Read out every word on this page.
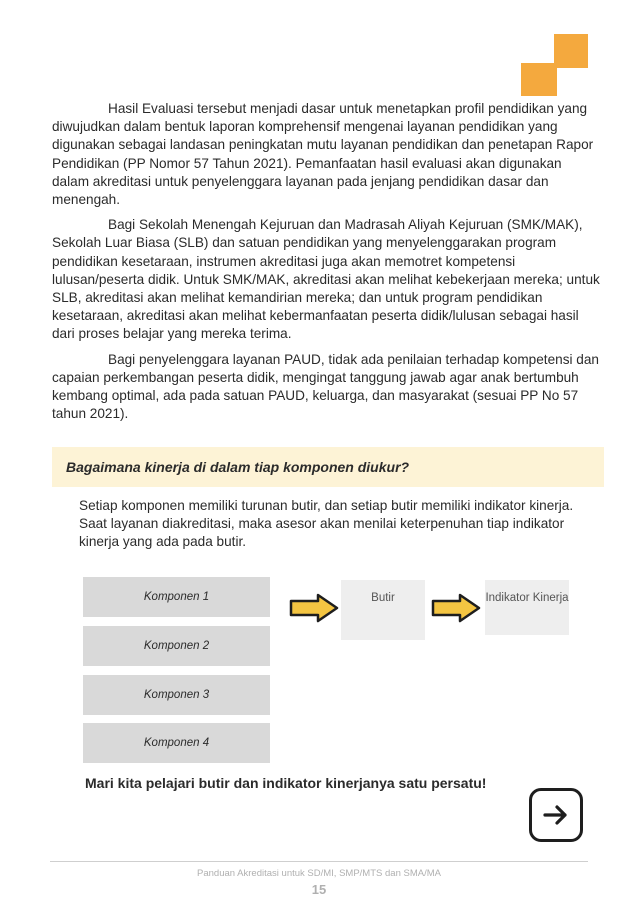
Hasil Evaluasi tersebut menjadi dasar untuk menetapkan profil pendidikan yang diwujudkan dalam bentuk laporan komprehensif mengenai layanan pendidikan yang digunakan sebagai landasan peningkatan mutu layanan pendidikan dan penetapan Rapor Pendidikan (PP Nomor 57 Tahun 2021). Pemanfaatan hasil evaluasi akan digunakan dalam akreditasi untuk penyelenggara layanan pada jenjang pendidikan dasar dan menengah.

Bagi Sekolah Menengah Kejuruan dan Madrasah Aliyah Kejuruan (SMK/MAK), Sekolah Luar Biasa (SLB) dan satuan pendidikan yang menyelenggarakan program pendidikan kesetaraan, instrumen akreditasi juga akan memotret kompetensi lulusan/peserta didik. Untuk SMK/MAK, akreditasi akan melihat kebekerjaan mereka; untuk SLB, akreditasi akan melihat kemandirian mereka; dan untuk program pendidikan kesetaraan, akreditasi akan melihat kebermanfaatan peserta didik/lulusan sebagai hasil dari proses belajar yang mereka terima.

Bagi penyelenggara layanan PAUD, tidak ada penilaian terhadap kompetensi dan capaian perkembangan peserta didik, mengingat tanggung jawab agar anak bertumbuh kembang optimal, ada pada satuan PAUD, keluarga, dan masyarakat (sesuai PP No 57 tahun 2021).

Bagaimana kinerja di dalam tiap komponen diukur?
Setiap komponen memiliki turunan butir, dan setiap butir memiliki indikator kinerja. Saat layanan diakreditasi, maka asesor akan menilai keterpenuhan tiap indikator kinerja yang ada pada butir.
Komponen 1
Komponen 2
Komponen 3
Komponen 4
Butir	Indikator Kinerja
Mari kita pelajari butir dan indikator kinerjanya satu persatu!
Panduan Akreditasi untuk SD/MI, SMP/MTS dan SMA/MA
15
